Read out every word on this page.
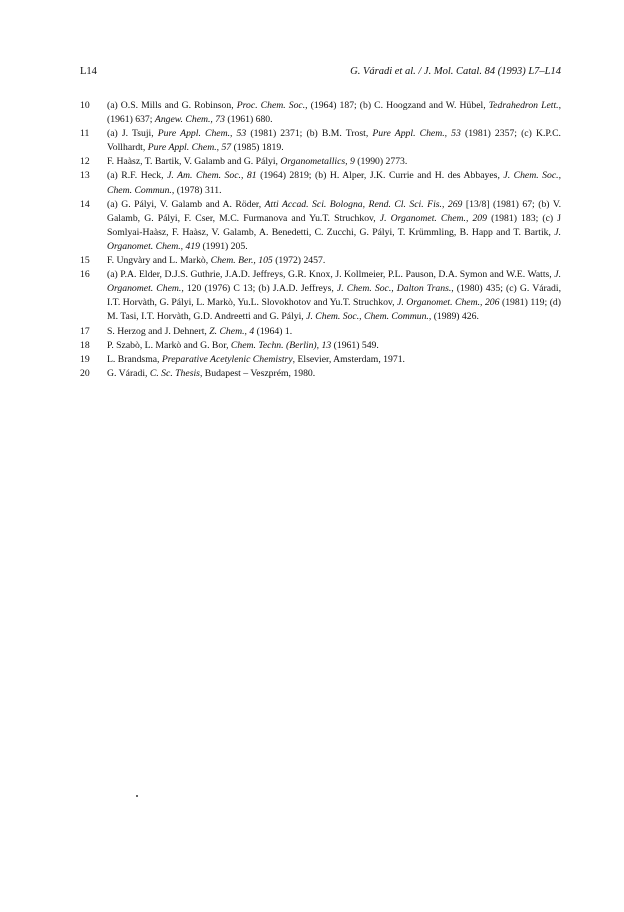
L14	G. Váradi et al. / J. Mol. Catal. 84 (1993) L7–L14
10 (a) O.S. Mills and G. Robinson, Proc. Chem. Soc., (1964) 187; (b) C. Hoogzand and W. Hübel, Tedrahedron Lett., (1961) 637; Angew. Chem., 73 (1961) 680.
11 (a) J. Tsuji, Pure Appl. Chem., 53 (1981) 2371; (b) B.M. Trost, Pure Appl. Chem., 53 (1981) 2357; (c) K.P.C. Vollhardt, Pure Appl. Chem., 57 (1985) 1819.
12 F. Haàsz, T. Bartik, V. Galamb and G. Pályi, Organometallics, 9 (1990) 2773.
13 (a) R.F. Heck, J. Am. Chem. Soc., 81 (1964) 2819; (b) H. Alper, J.K. Currie and H. des Abbayes, J. Chem. Soc., Chem. Commun., (1978) 311.
14 (a) G. Pályi, V. Galamb and A. Röder, Atti Accad. Sci. Bologna, Rend. Cl. Sci. Fis., 269 [13/8] (1981) 67; (b) V. Galamb, G. Pályi, F. Cser, M.C. Furmanova and Yu.T. Struchkov, J. Organomet. Chem., 209 (1981) 183; (c) J Somlyai-Haàsz, F. Haàsz, V. Galamb, A. Benedetti, C. Zucchi, G. Pályi, T. Krümmling, B. Happ and T. Bartik, J. Organomet. Chem., 419 (1991) 205.
15 F. Ungvàry and L. Markò, Chem. Ber., 105 (1972) 2457.
16 (a) P.A. Elder, D.J.S. Guthrie, J.A.D. Jeffreys, G.R. Knox, J. Kollmeier, P.L. Pauson, D.A. Symon and W.E. Watts, J. Organomet. Chem., 120 (1976) C 13; (b) J.A.D. Jeffreys, J. Chem. Soc., Dalton Trans., (1980) 435; (c) G. Váradi, I.T. Horvàth, G. Pályi, L. Markò, Yu.L. Slovokhotov and Yu.T. Struchkov, J. Organomet. Chem., 206 (1981) 119; (d) M. Tasi, I.T. Horvàth, G.D. Andreetti and G. Pályi, J. Chem. Soc., Chem. Commun., (1989) 426.
17 S. Herzog and J. Dehnert, Z. Chem., 4 (1964) 1.
18 P. Szabò, L. Markò and G. Bor, Chem. Techn. (Berlin), 13 (1961) 549.
19 L. Brandsma, Preparative Acetylenic Chemistry, Elsevier, Amsterdam, 1971.
20 G. Váradi, C. Sc. Thesis, Budapest – Veszprém, 1980.
